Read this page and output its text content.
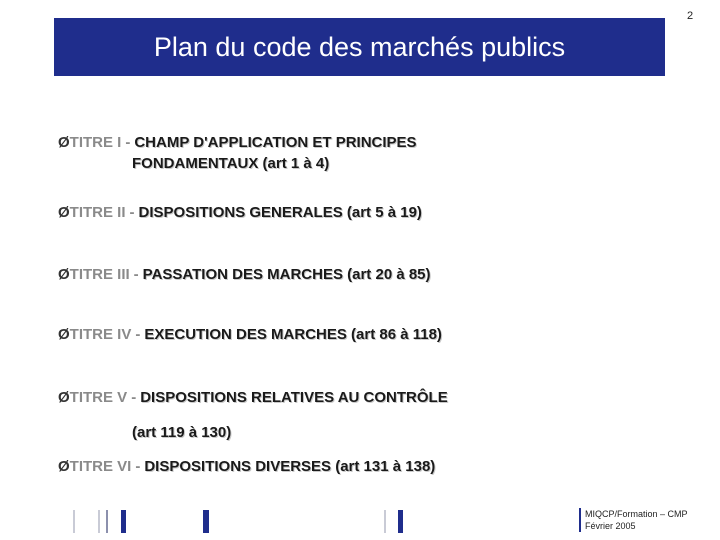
Plan du code des marchés publics
2
ØTITRE I - CHAMP D'APPLICATION ET PRINCIPES
FONDAMENTAUX (art 1 à 4)
ØTITRE II - DISPOSITIONS GENERALES (art 5 à 19)
ØTITRE III - PASSATION DES MARCHES (art 20 à 85)
ØTITRE IV - EXECUTION DES MARCHES (art 86 à 118)
ØTITRE V - DISPOSITIONS RELATIVES AU CONTRÔLE
(art 119 à 130)
ØTITRE VI - DISPOSITIONS DIVERSES (art 131 à 138)
MIQCP/Formation – CMP
Février 2005
